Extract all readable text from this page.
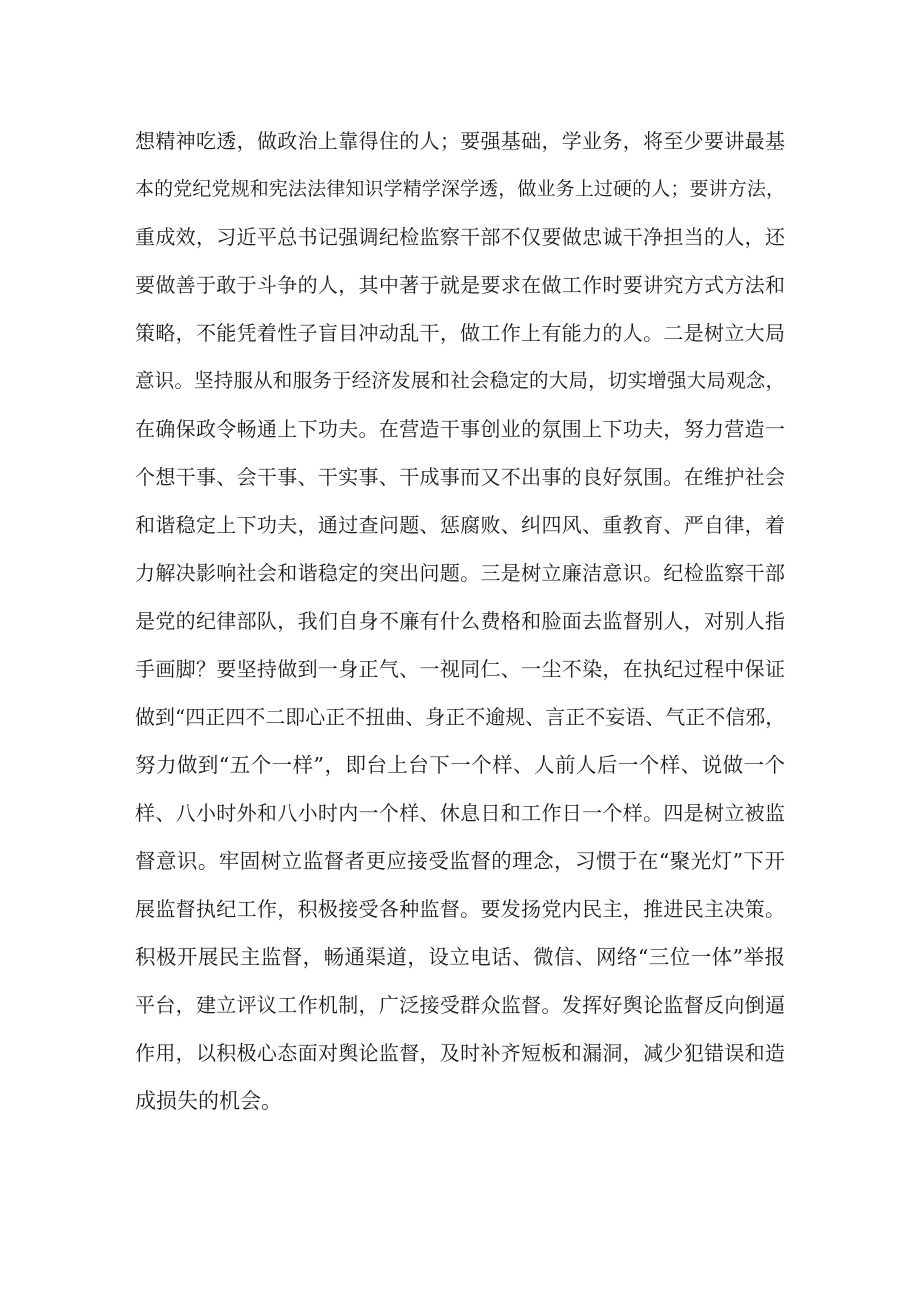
想精神吃透，做政治上靠得住的人；要强基础，学业务，将至少要讲最基
本的党纪党规和宪法法律知识学精学深学透，做业务上过硬的人；要讲方法，
重成效，习近平总书记强调纪检监察干部不仅要做忠诚干净担当的人，还
要做善于敢于斗争的人，其中著于就是要求在做工作时要讲究方式方法和
策略，不能凭着性子盲目冲动乱干，做工作上有能力的人。二是树立大局
意识。坚持服从和服务于经济发展和社会稳定的大局，切实增强大局观念，
在确保政令畅通上下功夫。在营造干事创业的氛围上下功夫，努力营造一
个想干事、会干事、干实事、干成事而又不出事的良好氛围。在维护社会
和谐稳定上下功夫，通过查问题、惩腐败、纠四风、重教育、严自律，着
力解决影响社会和谐稳定的突出问题。三是树立廉洁意识。纪检监察干部
是党的纪律部队，我们自身不廉有什么费格和脸面去监督别人，对别人指
手画脚？要坚持做到一身正气、一视同仁、一尘不染，在执纪过程中保证
做到“四正四不二即心正不扭曲、身正不逾规、言正不妄语、气正不信邪，
努力做到“五个一样”，即台上台下一个样、人前人后一个样、说做一个
样、八小时外和八小时内一个样、休息日和工作日一个样。四是树立被监
督意识。牢固树立监督者更应接受监督的理念，习惯于在“聚光灯”下开
展监督执纪工作，积极接受各种监督。要发扬党内民主，推进民主决策。
积极开展民主监督，畅通渠道，设立电话、微信、网络“三位一体”举报
平台，建立评议工作机制，广泛接受群众监督。发挥好舆论监督反向倒逼
作用，以积极心态面对舆论监督，及时补齐短板和漏洞，减少犯错误和造
成损失的机会。
